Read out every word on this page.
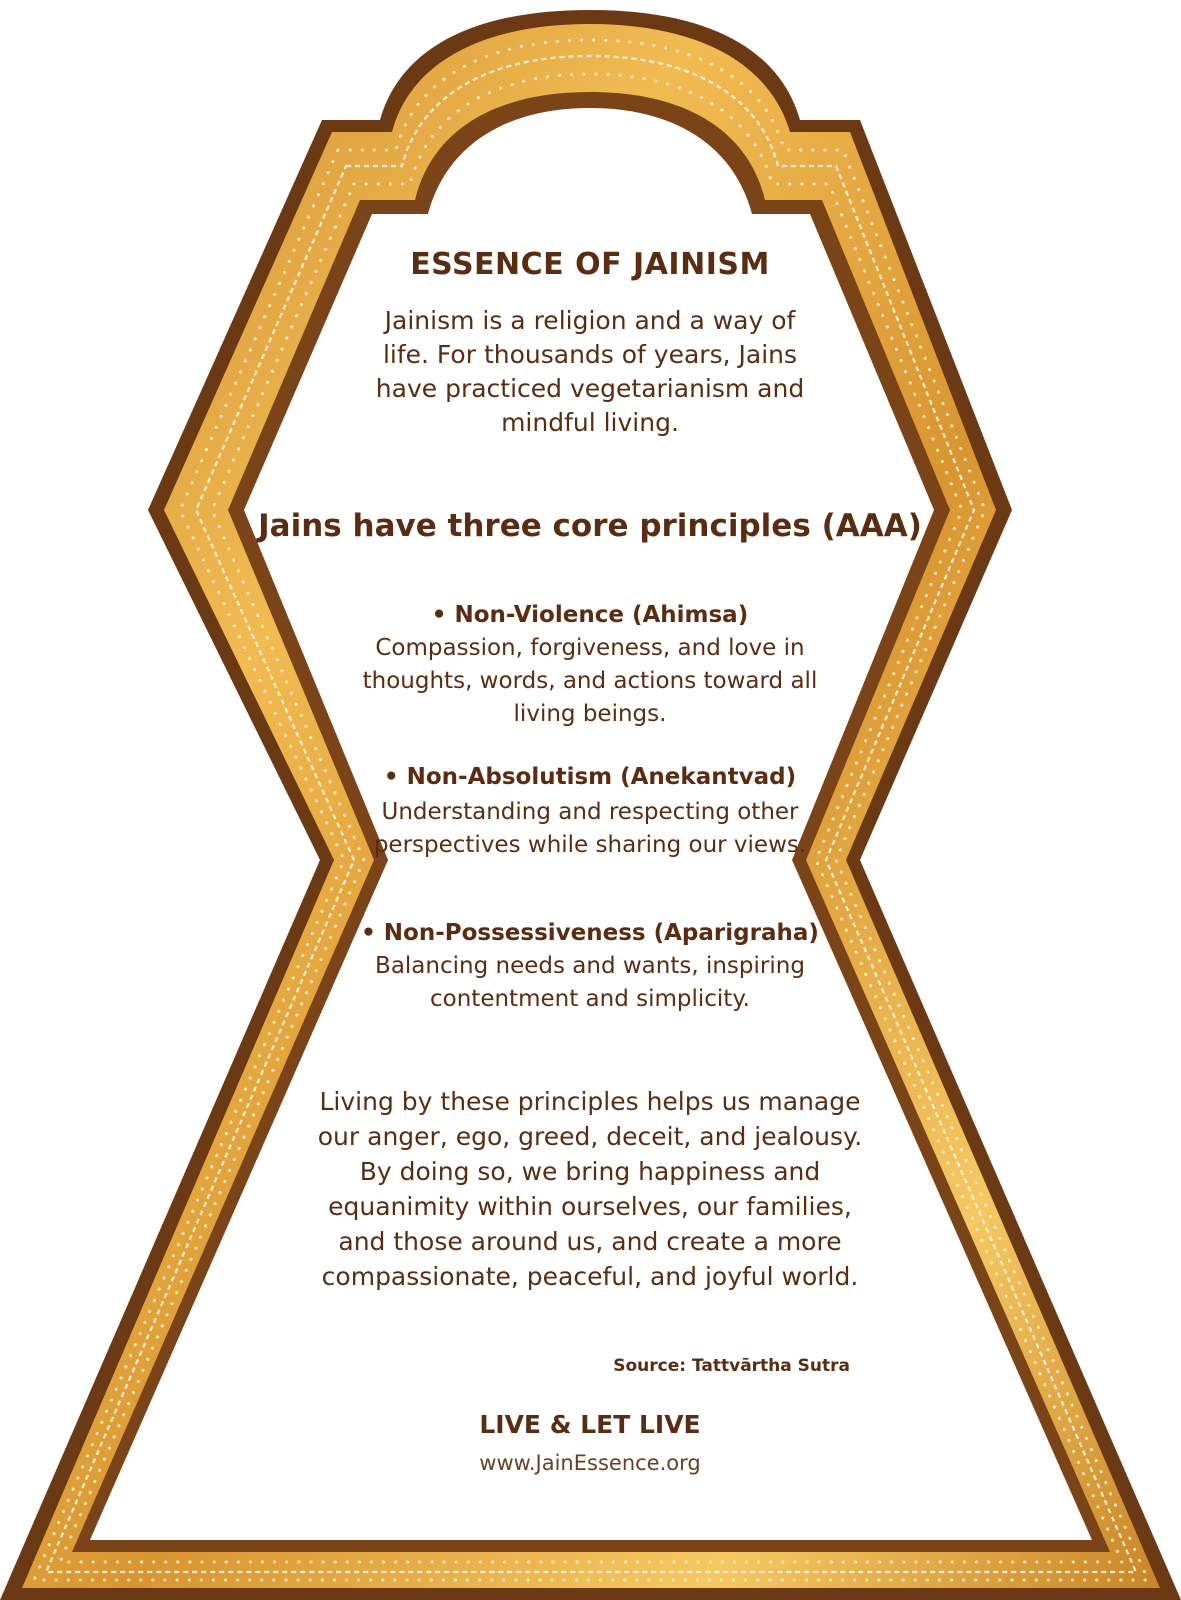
ESSENCE OF JAINISM

Jainism is a religion and a way of life. For thousands of years, Jains have practiced vegetarianism and mindful living.

Jains have three core principles (AAA)

• Non-Violence (Ahimsa)

Compassion, forgiveness, and love in thoughts, words, and actions toward all living beings.

• Non-Absolutism (Anekantvad)

Understanding and respecting other perspectives while sharing our views.

• Non-Possessiveness (Aparigraha)

Balancing needs and wants, inspiring contentment and simplicity.

Living by these principles helps us manage our anger, ego, greed, deceit, and jealousy. By doing so, we bring happiness and equanimity within ourselves, our families, and those around us, and create a more compassionate, peaceful, and joyful world.

Source: Tattvārtha Sutra

LIVE & LET LIVE

www.JainEssence.org
